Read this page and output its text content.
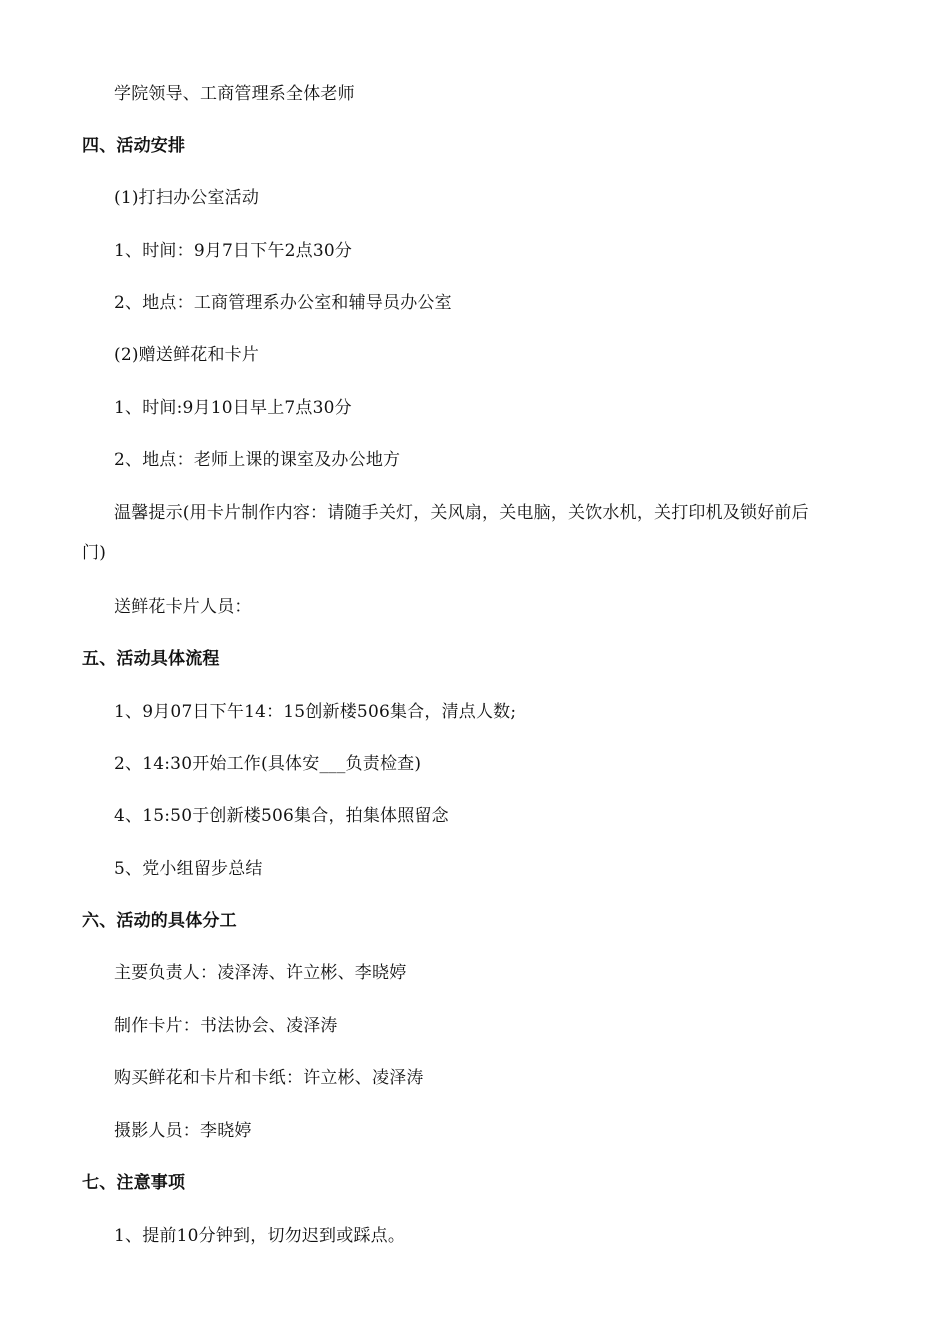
学院领导、工商管理系全体老师
四、活动安排
(1)打扫办公室活动
1、时间：9月7日下午2点30分
2、地点：工商管理系办公室和辅导员办公室
(2)赠送鲜花和卡片
1、时间:9月10日早上7点30分
2、地点：老师上课的课室及办公地方
温馨提示(用卡片制作内容：请随手关灯，关风扇，关电脑，关饮水机，关打印机及锁好前后
门)
送鲜花卡片人员：
五、活动具体流程
1、9月07日下午14：15创新楼506集合，清点人数;
2、14:30开始工作(具体安___负责检查)
4、15:50于创新楼506集合，拍集体照留念
5、党小组留步总结
六、活动的具体分工
主要负责人：凌泽涛、许立彬、李晓婷
制作卡片：书法协会、凌泽涛
购买鲜花和卡片和卡纸：许立彬、凌泽涛
摄影人员：李晓婷
七、注意事项
1、提前10分钟到，切勿迟到或踩点。
